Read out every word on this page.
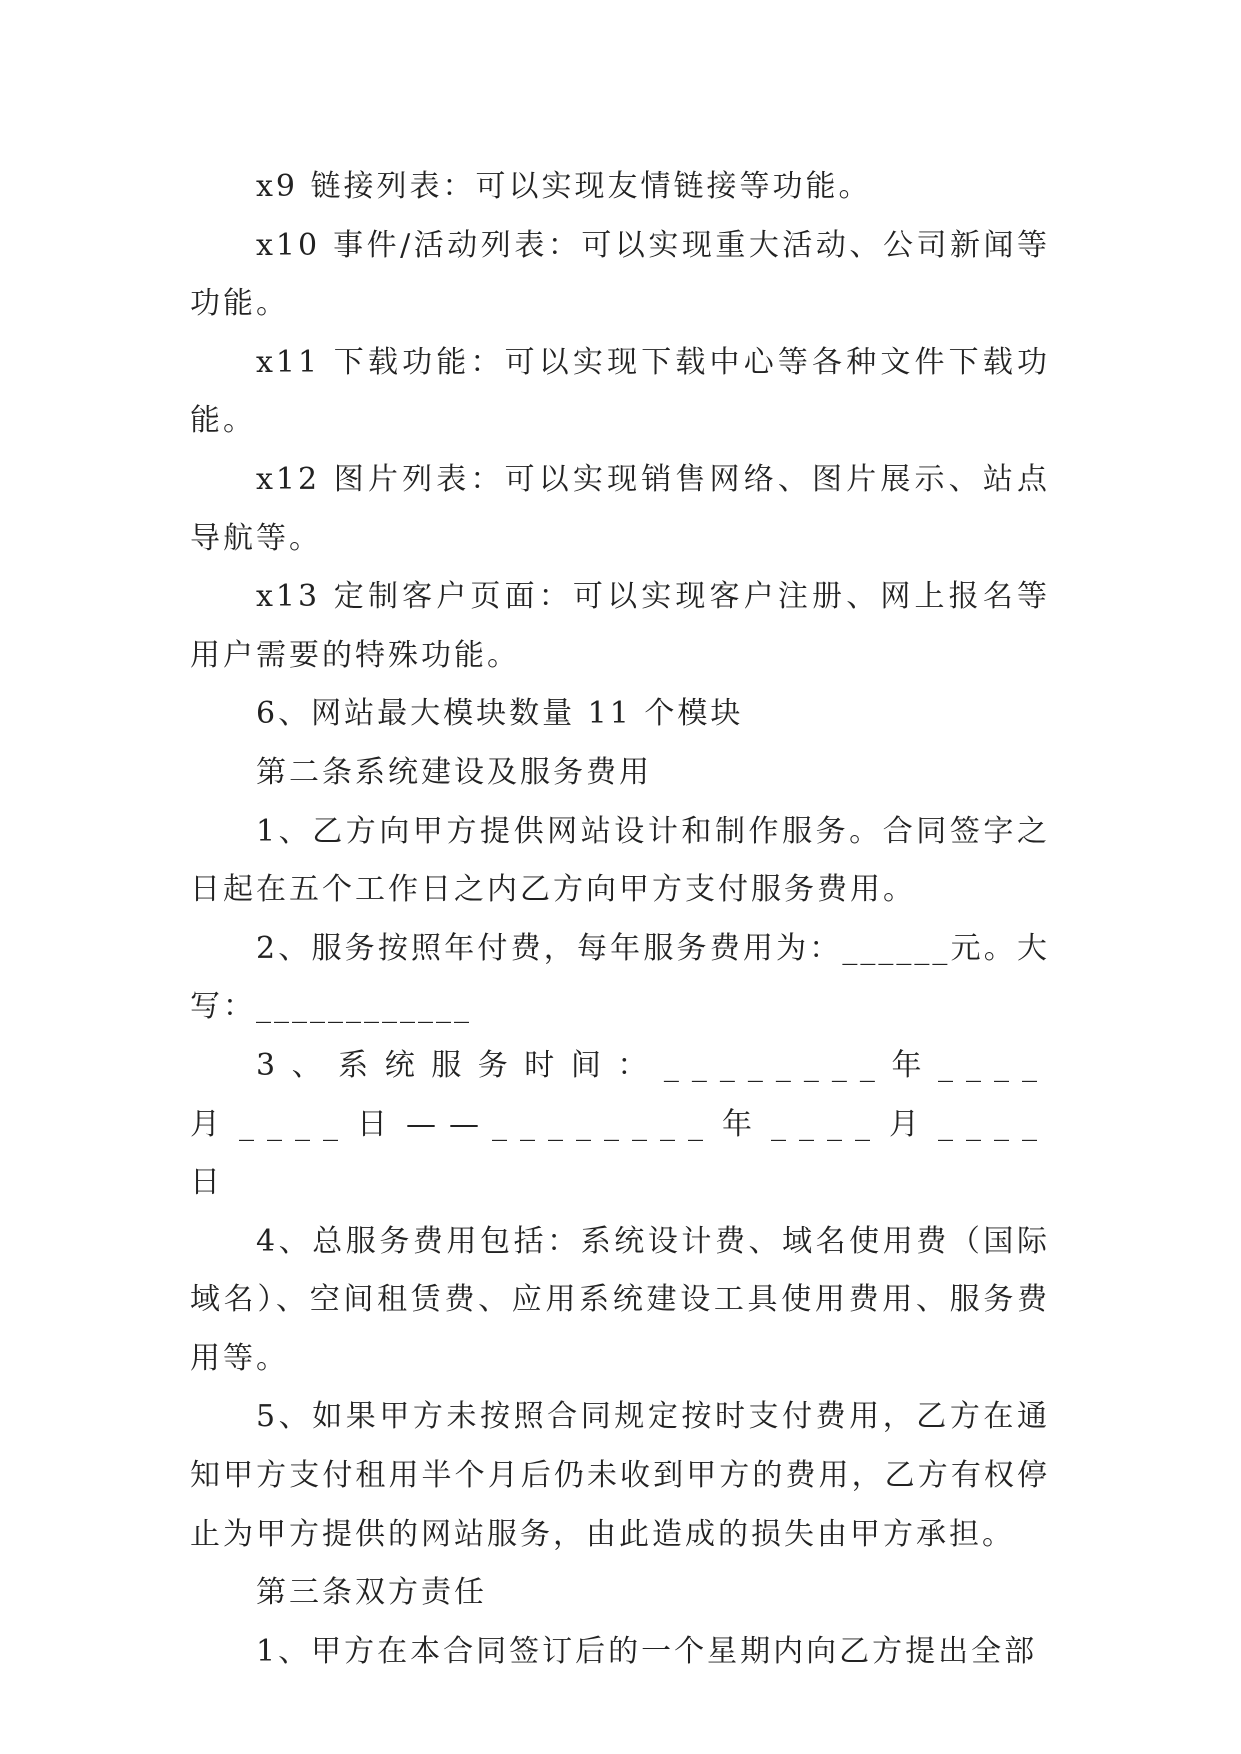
x9 链接列表：可以实现友情链接等功能。

x10 事件/活动列表：可以实现重大活动、公司新闻等功能。

x11 下载功能：可以实现下载中心等各种文件下载功能。

x12 图片列表：可以实现销售网络、图片展示、站点导航等。

x13 定制客户页面：可以实现客户注册、网上报名等用户需要的特殊功能。

6、网站最大模块数量 11 个模块

第二条系统建设及服务费用

1、乙方向甲方提供网站设计和制作服务。合同签字之日起在五个工作日之内乙方向甲方支付服务费用。

2、服务按照年付费，每年服务费用为：______元。大写：____________

3、系统服务时间：________年____月____日——________年____月____日

4、总服务费用包括：系统设计费、域名使用费（国际域名）、空间租赁费、应用系统建设工具使用费用、服务费用等。

5、如果甲方未按照合同规定按时支付费用，乙方在通知甲方支付租用半个月后仍未收到甲方的费用，乙方有权停止为甲方提供的网站服务，由此造成的损失由甲方承担。

第三条双方责任

1、甲方在本合同签订后的一个星期内向乙方提出全部
